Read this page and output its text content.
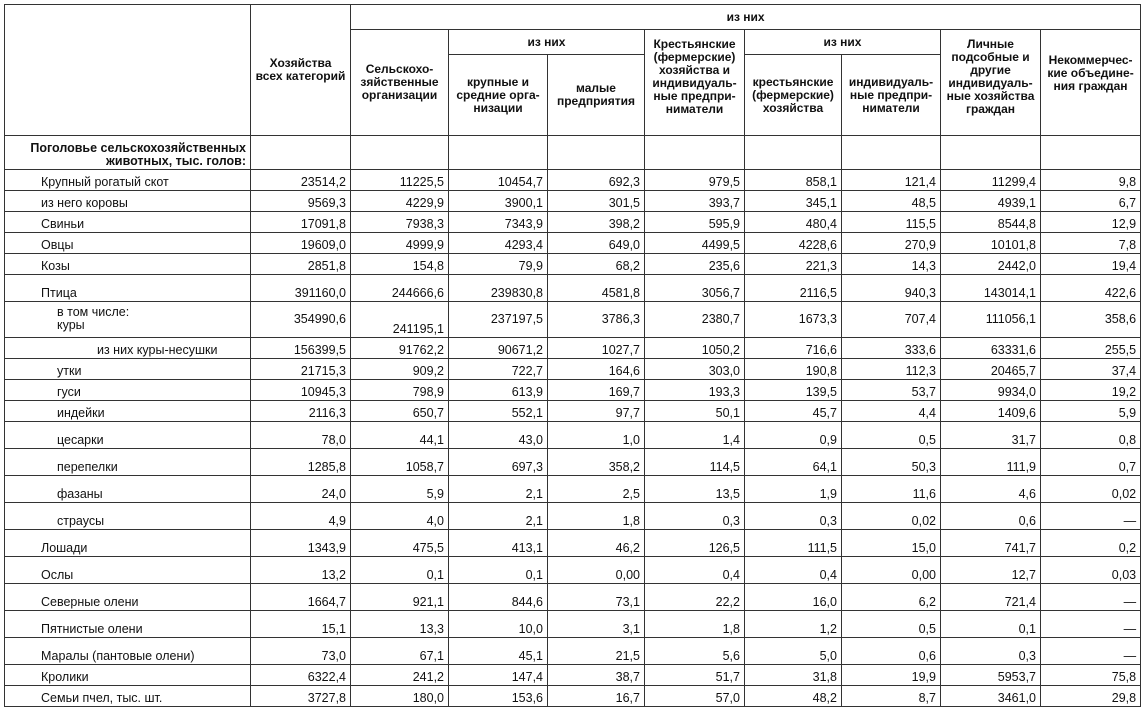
	Хозяйства всех категорий	из них							
		Сельскохо-зяйственные организации	из них		Крестьянские (фермерские) хозяйства и индивидуаль-ные предпри-ниматели	из них		Личные подсобные и другие индивидуаль-ные хозяйства граждан	Некоммерчес-кие объедине-ния граждан
			крупные и средние орга-низации	малые предприятия		крестьянские (фермерские) хозяйства	индивидуаль-ные предпри-ниматели		
Поголовье сельскохозяйственных животных, тыс. голов:									
Крупный рогатый скот	23514,2	11225,5	10454,7	692,3	979,5	858,1	121,4	11299,4	9,8
из него коровы	9569,3	4229,9	3900,1	301,5	393,7	345,1	48,5	4939,1	6,7
Свиньи	17091,8	7938,3	7343,9	398,2	595,9	480,4	115,5	8544,8	12,9
Овцы	19609,0	4999,9	4293,4	649,0	4499,5	4228,6	270,9	10101,8	7,8
Козы	2851,8	154,8	79,9	68,2	235,6	221,3	14,3	2442,0	19,4
Птица	391160,0	244666,6	239830,8	4581,8	3056,7	2116,5	940,3	143014,1	422,6

в том числе:
куры	354990,6	241195,1	237197,5	3786,3	2380,7	1673,3	707,4	111056,1	358,6
из них куры-несушки	156399,5	91762,2	90671,2	1027,7	1050,2	716,6	333,6	63331,6	255,5
утки	21715,3	909,2	722,7	164,6	303,0	190,8	112,3	20465,7	37,4
гуси	10945,3	798,9	613,9	169,7	193,3	139,5	53,7	9934,0	19,2
индейки	2116,3	650,7	552,1	97,7	50,1	45,7	4,4	1409,6	5,9
цесарки	78,0	44,1	43,0	1,0	1,4	0,9	0,5	31,7	0,8
перепелки	1285,8	1058,7	697,3	358,2	114,5	64,1	50,3	111,9	0,7
фазаны	24,0	5,9	2,1	2,5	13,5	1,9	11,6	4,6	0,02
страусы	4,9	4,0	2,1	1,8	0,3	0,3	0,02	0,6	—
Лошади	1343,9	475,5	413,1	46,2	126,5	111,5	15,0	741,7	0,2
Ослы	13,2	0,1	0,1	0,00	0,4	0,4	0,00	12,7	0,03
Северные олени	1664,7	921,1	844,6	73,1	22,2	16,0	6,2	721,4	—
Пятнистые олени	15,1	13,3	10,0	3,1	1,8	1,2	0,5	0,1	—
Маралы (пантовые олени)	73,0	67,1	45,1	21,5	5,6	5,0	0,6	0,3	—
Кролики	6322,4	241,2	147,4	38,7	51,7	31,8	19,9	5953,7	75,8
Семьи пчел, тыс. шт.	3727,8	180,0	153,6	16,7	57,0	48,2	8,7	3461,0	29,8
